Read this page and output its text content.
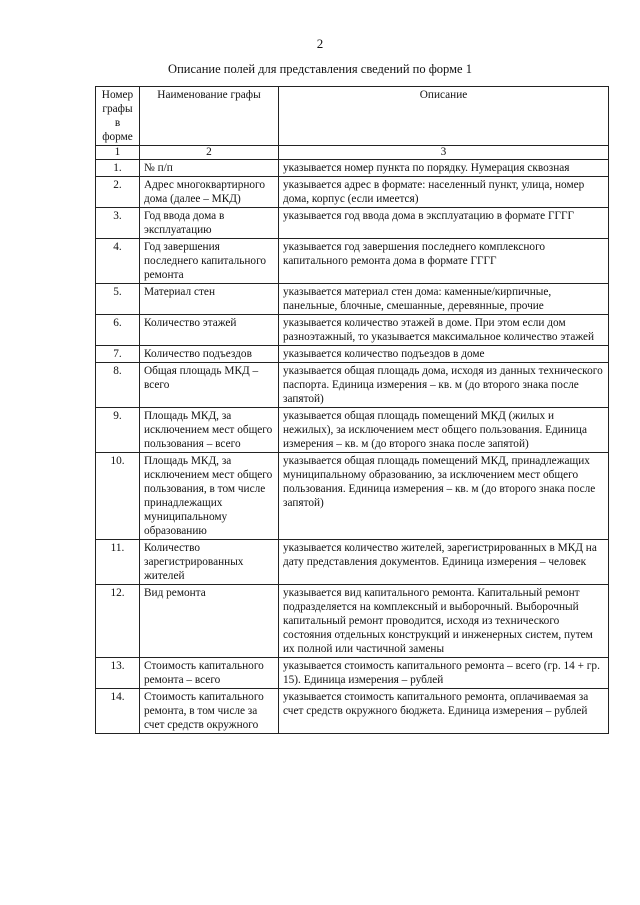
2
Описание полей для представления сведений по форме 1
Номер графы в форме	Наименование графы	Описание
1	2	3
1.	№ п/п	указывается номер пункта по порядку. Нумерация сквозная
2.	Адрес многоквартирного дома (далее – МКД)	указывается адрес в формате: населенный пункт, улица, номер дома, корпус (если имеется)
3.	Год ввода дома в эксплуатацию	указывается год ввода дома в эксплуатацию в формате ГГГГ
4.	Год завершения последнего капитального ремонта	указывается год завершения последнего комплексного капитального ремонта дома в формате ГГГГ
5.	Материал стен	указывается материал стен дома: каменные/кирпичные, панельные, блочные, смешанные, деревянные, прочие
6.	Количество этажей	указывается количество этажей в доме. При этом если дом разноэтажный, то указывается максимальное количество этажей
7.	Количество подъездов	указывается количество подъездов в доме
8.	Общая площадь МКД – всего	указывается общая площадь дома, исходя из данных технического паспорта. Единица измерения – кв. м (до второго знака после запятой)
9.	Площадь МКД, за исключением мест общего пользования – всего	указывается общая площадь помещений МКД (жилых и нежилых), за исключением мест общего пользования. Единица измерения – кв. м (до второго знака после запятой)
10.	Площадь МКД, за исключением мест общего пользования, в том числе принадлежащих муниципальному образованию	указывается общая площадь помещений МКД, принадлежащих муниципальному образованию, за исключением мест общего пользования. Единица измерения – кв. м (до второго знака после запятой)
11.	Количество зарегистрированных жителей	указывается количество жителей, зарегистрированных в МКД на дату представления документов. Единица измерения – человек
12.	Вид ремонта	указывается вид капитального ремонта. Капитальный ремонт подразделяется на комплексный и выборочный. Выборочный капитальный ремонт проводится, исходя из технического состояния отдельных конструкций и инженерных систем, путем их полной или частичной замены
13.	Стоимость капитального ремонта – всего	указывается стоимость капитального ремонта – всего (гр. 14 + гр. 15). Единица измерения – рублей
14.	Стоимость капитального ремонта, в том числе за счет средств окружного	указывается стоимость капитального ремонта, оплачиваемая за счет средств окружного бюджета. Единица измерения – рублей
